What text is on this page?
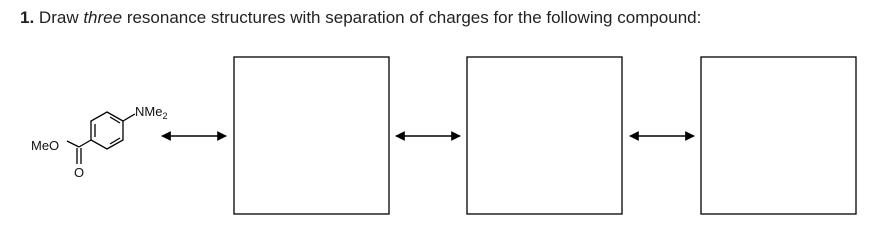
1. Draw three resonance structures with separation of charges for the following compound:
NMe$_2$
MeO
O
